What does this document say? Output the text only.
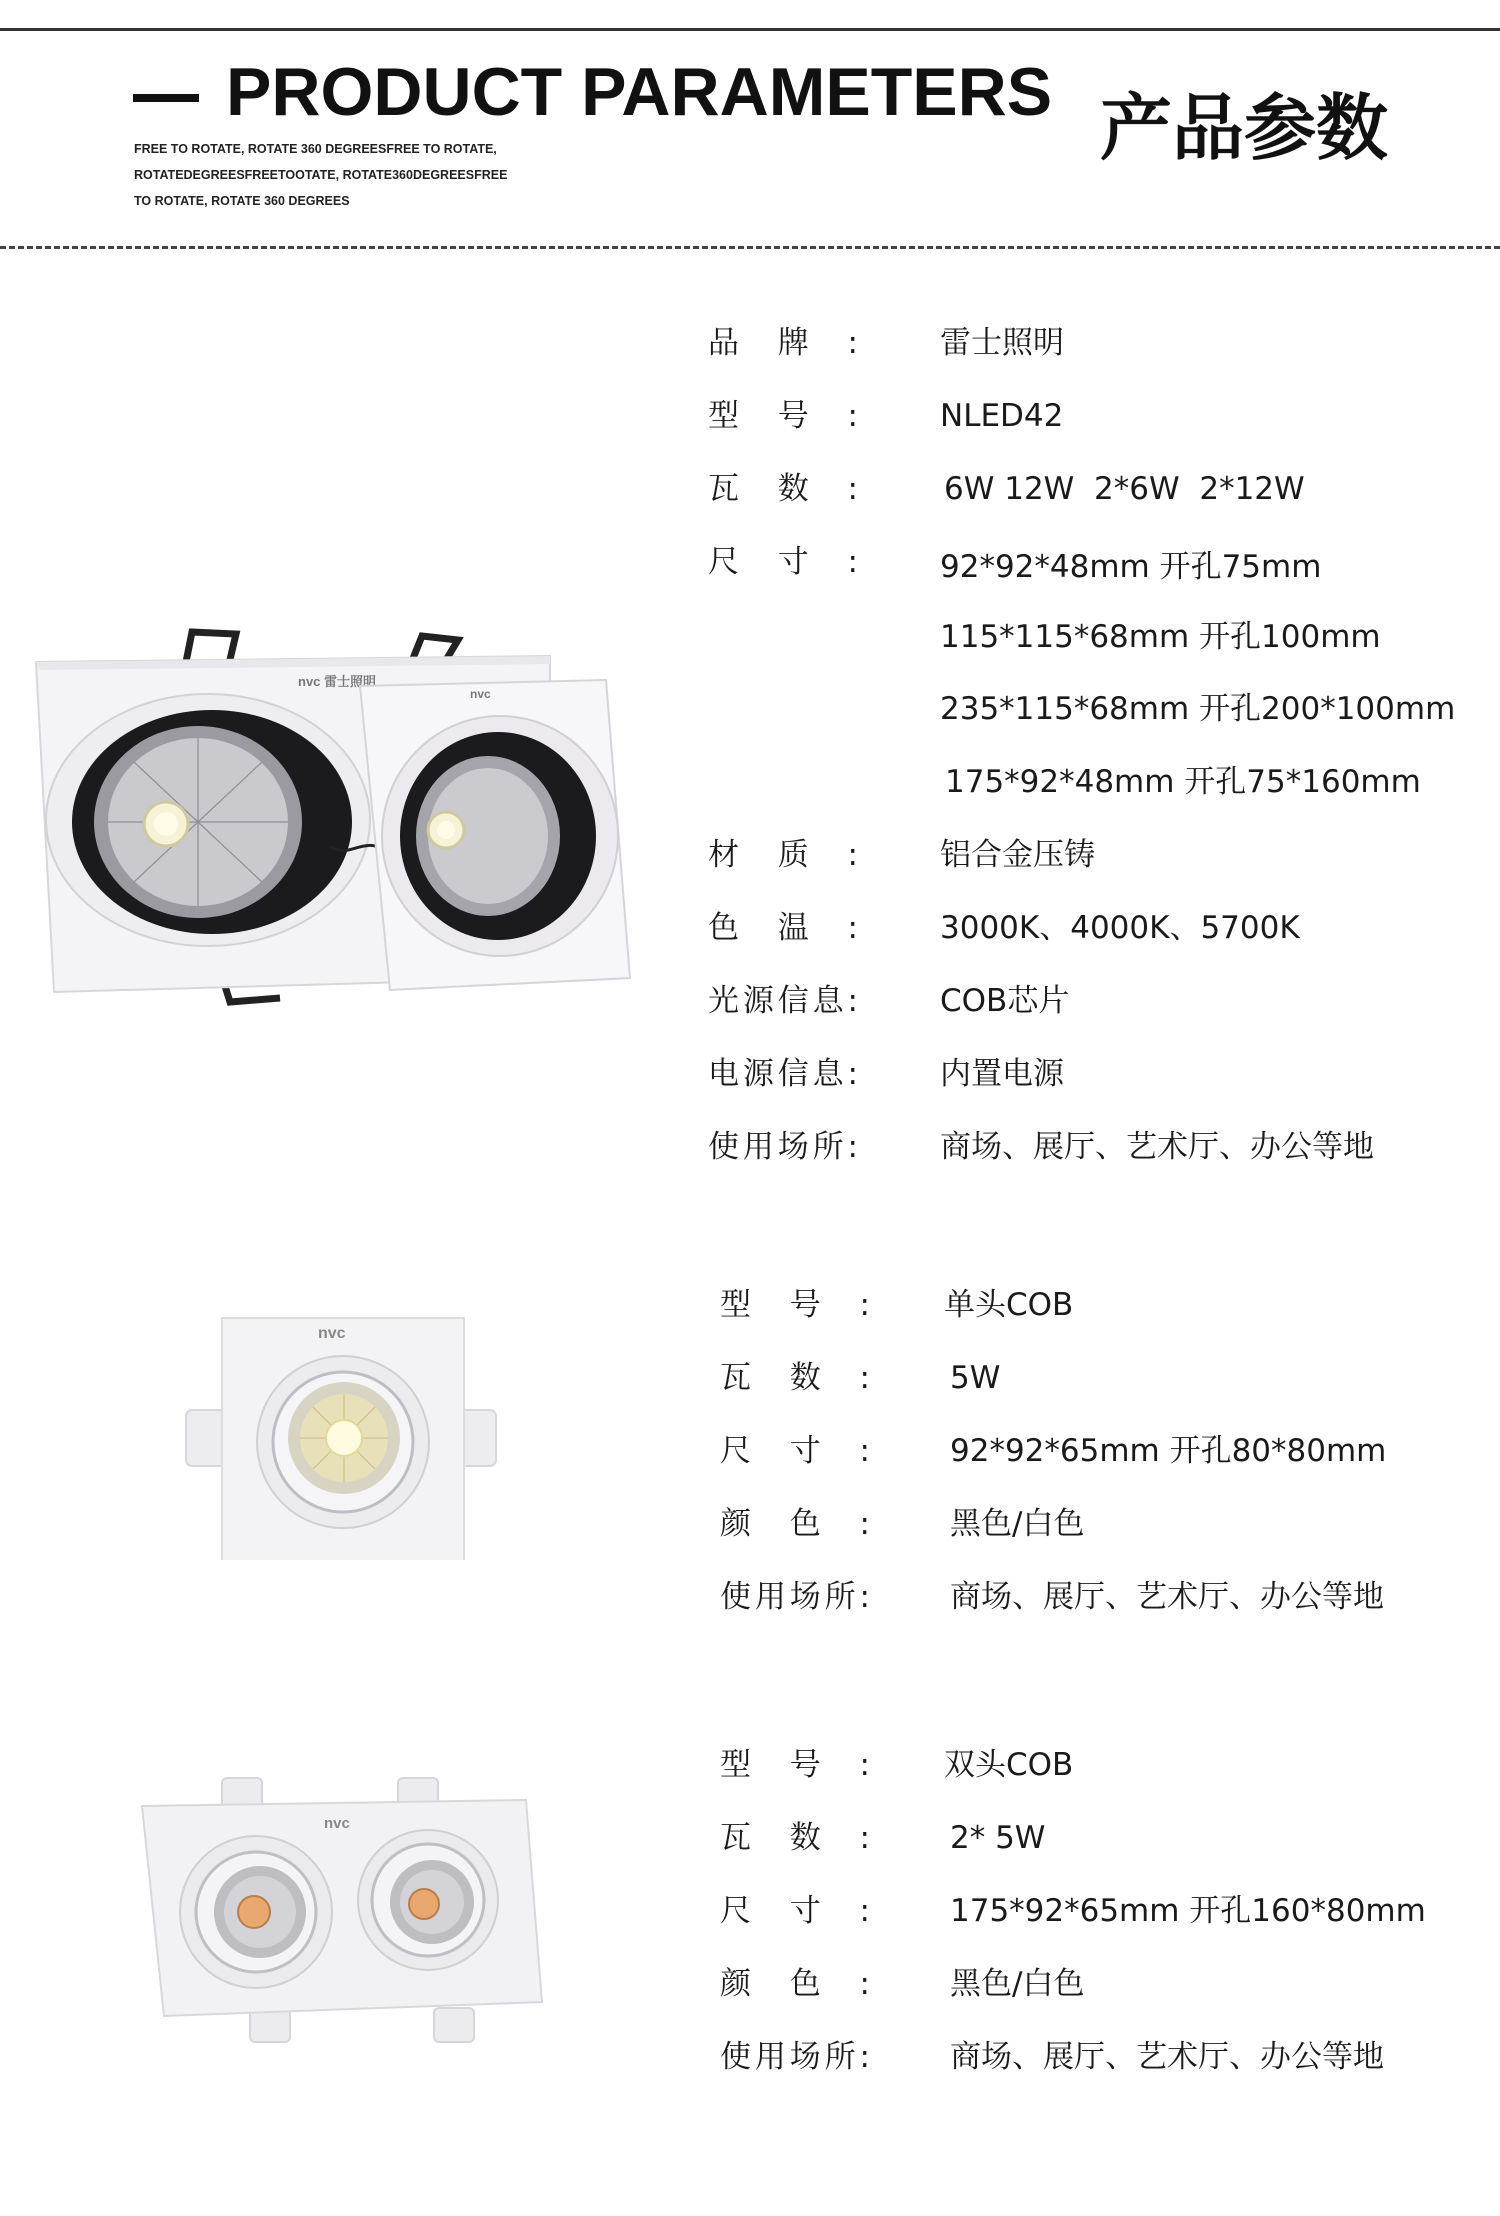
PRODUCT PARAMETERS
FREE TO ROTATE, ROTATE 360 DEGREESFREE TO ROTATE,
ROTATEDEGREESFREETOOTATE, ROTATE360DEGREESFREE
TO ROTATE, ROTATE 360 DEGREES
产品参数
nvc 雷士照明
nvc
品牌:	雷士照明
型号:	NLED42
瓦数:	6W 12W  2*6W  2*12W
尺寸:	92*92*48mm 开孔75mm
115*115*68mm 开孔100mm
235*115*68mm 开孔200*100mm
175*92*48mm 开孔75*160mm
材质:	铝合金压铸
色温:	3000K、4000K、5700K
光源信息:	COB芯片
电源信息:	内置电源
使用场所:	商场、展厅、艺术厅、办公等地
nvc
型号: 单头COB
瓦数:	5W
尺寸:	92*92*65mm 开孔80*80mm
颜色:	黑色/白色
使用场所:	商场、展厅、艺术厅、办公等地
nvc
型号: 双头COB
瓦数:	2* 5W
尺寸:	175*92*65mm 开孔160*80mm
颜色:	黑色/白色
使用场所:	商场、展厅、艺术厅、办公等地
